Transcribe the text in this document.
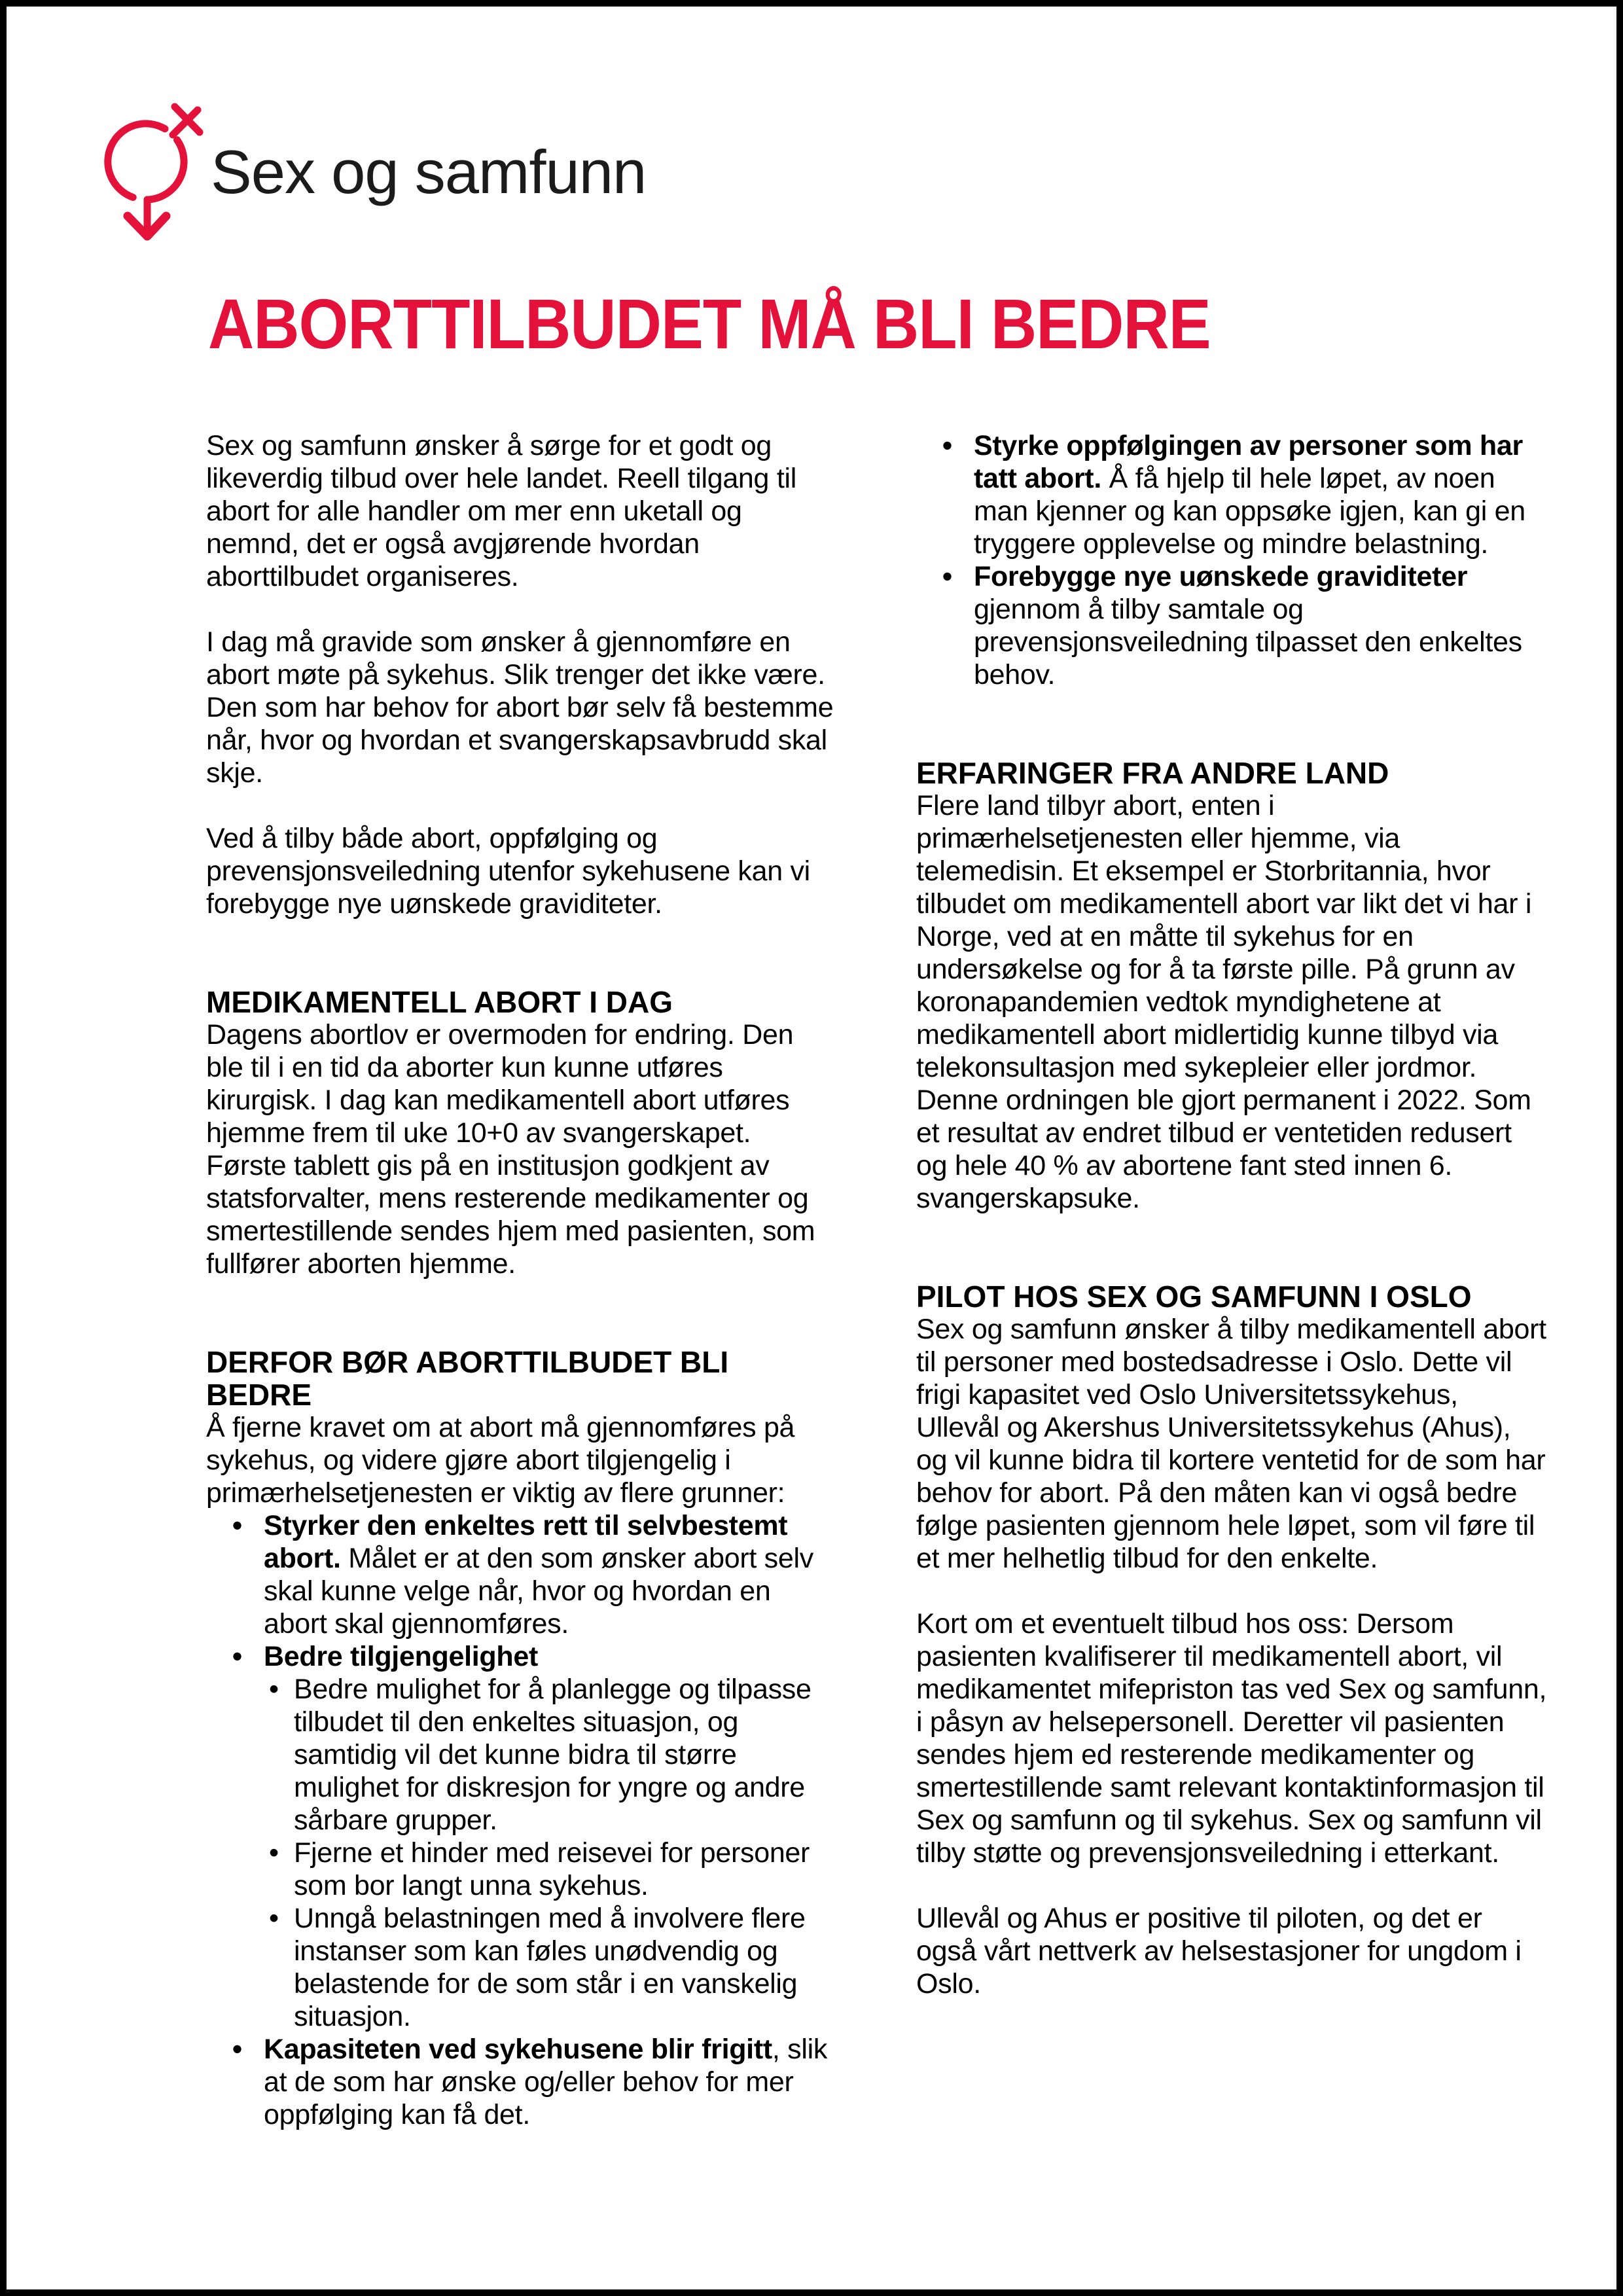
Sex og samfunn
ABORTTILBUDET MÅ BLI BEDRE

Sex og samfunn ønsker å sørge for et godt og likeverdig tilbud over hele landet. Reell tilgang til abort for alle handler om mer enn uketall og nemnd, det er også avgjørende hvordan aborttilbudet organiseres.

I dag må gravide som ønsker å gjennomføre en abort møte på sykehus. Slik trenger det ikke være. Den som har behov for abort bør selv få bestemme når, hvor og hvordan et svangerskapsavbrudd skal skje.

Ved å tilby både abort, oppfølging og prevensjonsveiledning utenfor sykehusene kan vi forebygge nye uønskede graviditeter.

MEDIKAMENTELL ABORT I DAG

Dagens abortlov er overmoden for endring. Den ble til i en tid da aborter kun kunne utføres kirurgisk. I dag kan medikamentell abort utføres hjemme frem til uke 10+0 av svangerskapet. Første tablett gis på en institusjon godkjent av statsforvalter, mens resterende medikamenter og smertestillende sendes hjem med pasienten, som fullfører aborten hjemme.

DERFOR BØR ABORTTILBUDET BLI BEDRE

Å fjerne kravet om at abort må gjennomføres på sykehus, og videre gjøre abort tilgjengelig i primærhelsetjenesten er viktig av flere grunner:

• Styrker den enkeltes rett til selvbestemt abort. Målet er at den som ønsker abort selv skal kunne velge når, hvor og hvordan en abort skal gjennomføres.
• Bedre tilgjengelighet
• Bedre mulighet for å planlegge og tilpasse tilbudet til den enkeltes situasjon, og samtidig vil det kunne bidra til større mulighet for diskresjon for yngre og andre sårbare grupper.
• Fjerne et hinder med reisevei for personer som bor langt unna sykehus.
• Unngå belastningen med å involvere flere instanser som kan føles unødvendig og belastende for de som står i en vanskelig situasjon.
• Kapasiteten ved sykehusene blir frigitt, slik at de som har ønske og/eller behov for mer oppfølging kan få det.
• Styrke oppfølgingen av personer som har tatt abort. Å få hjelp til hele løpet, av noen man kjenner og kan oppsøke igjen, kan gi en tryggere opplevelse og mindre belastning.
• Forebygge nye uønskede graviditeter gjennom å tilby samtale og prevensjonsveiledning tilpasset den enkeltes behov.
ERFARINGER FRA ANDRE LAND

Flere land tilbyr abort, enten i primærhelsetjenesten eller hjemme, via telemedisin. Et eksempel er Storbritannia, hvor tilbudet om medikamentell abort var likt det vi har i Norge, ved at en måtte til sykehus for en undersøkelse og for å ta første pille. På grunn av koronapandemien vedtok myndighetene at medikamentell abort midlertidig kunne tilbyd via telekonsultasjon med sykepleier eller jordmor. Denne ordningen ble gjort permanent i 2022. Som et resultat av endret tilbud er ventetiden redusert og hele 40 % av abortene fant sted innen 6. svangerskapsuke.

PILOT HOS SEX OG SAMFUNN I OSLO

Sex og samfunn ønsker å tilby medikamentell abort til personer med bostedsadresse i Oslo. Dette vil frigi kapasitet ved Oslo Universitetssykehus, Ullevål og Akershus Universitetssykehus (Ahus), og vil kunne bidra til kortere ventetid for de som har behov for abort. På den måten kan vi også bedre følge pasienten gjennom hele løpet, som vil føre til et mer helhetlig tilbud for den enkelte.

Kort om et eventuelt tilbud hos oss: Dersom pasienten kvalifiserer til medikamentell abort, vil medikamentet mifepriston tas ved Sex og samfunn, i påsyn av helsepersonell. Deretter vil pasienten sendes hjem ed resterende medikamenter og smertestillende samt relevant kontaktinformasjon til Sex og samfunn og til sykehus. Sex og samfunn vil tilby støtte og prevensjonsveiledning i etterkant.

Ullevål og Ahus er positive til piloten, og det er også vårt nettverk av helsestasjoner for ungdom i Oslo.
